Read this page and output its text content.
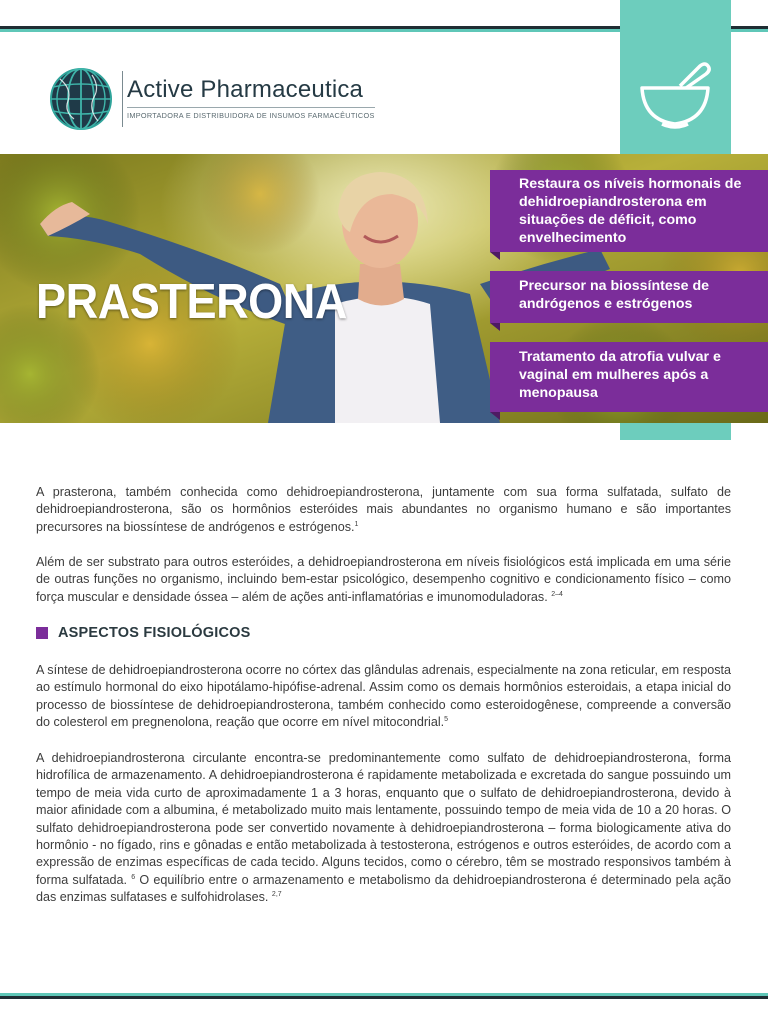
Active Pharmaceutica
IMPORTADORA E DISTRIBUIDORA DE INSUMOS FARMACÊUTICOS
PRASTERONA
Restaura os níveis hormonais de dehidroepiandrosterona em situações de déficit, como envelhecimento
Precursor na biossíntese de andrógenos e estrógenos
Tratamento da atrofia vulvar e vaginal em mulheres após a menopausa

A prasterona, também conhecida como dehidroepiandrosterona, juntamente com sua forma sulfatada, sulfato de dehidroepiandrosterona, são os hormônios esteróides mais abundantes no organismo humano e são importantes precursores na biossíntese de andrógenos e estrógenos.$^1$

Além de ser substrato para outros esteróides, a dehidroepiandrosterona em níveis fisiológicos está implicada em uma série de outras funções no organismo, incluindo bem-estar psicológico, desempenho cognitivo e condicionamento físico – como força muscular e densidade óssea – além de ações anti-inflamatórias e imunomoduladoras. $^{2-4}$

ASPECTOS FISIOLÓGICOS

A síntese de dehidroepiandrosterona ocorre no córtex das glândulas adrenais, especialmente na zona reticular, em resposta ao estímulo hormonal do eixo hipotálamo-hipófise-adrenal. Assim como os demais hormônios esteroidais, a etapa inicial do processo de biossíntese de dehidroepiandrosterona, também conhecido como esteroidogênese, compreende a conversão do colesterol em pregnenolona, reação que ocorre em nível mitocondrial.$^5$

A dehidroepiandrosterona circulante encontra-se predominantemente como sulfato de dehidroepiandrosterona, forma hidrofílica de armazenamento. A dehidroepiandrosterona é rapidamente metabolizada e excretada do sangue possuindo um tempo de meia vida curto de aproximadamente 1 a 3 horas, enquanto que o sulfato de dehidroepiandrosterona, devido à maior afinidade com a albumina, é metabolizado muito mais lentamente, possuindo tempo de meia vida de 10 a 20 horas. O sulfato dehidroepiandrosterona pode ser convertido novamente à dehidroepiandrosterona – forma biologicamente ativa do hormônio - no fígado, rins e gônadas e então metabolizada à testosterona, estrógenos e outros esteróides, de acordo com a expressão de enzimas específicas de cada tecido. Alguns tecidos, como o cérebro, têm se mostrado responsivos também à forma sulfatada. $^6$ O equilíbrio entre o armazenamento e metabolismo da dehidroepiandrosterona é determinado pela ação das enzimas sulfatases e sulfohidrolases. $^{2,7}$
